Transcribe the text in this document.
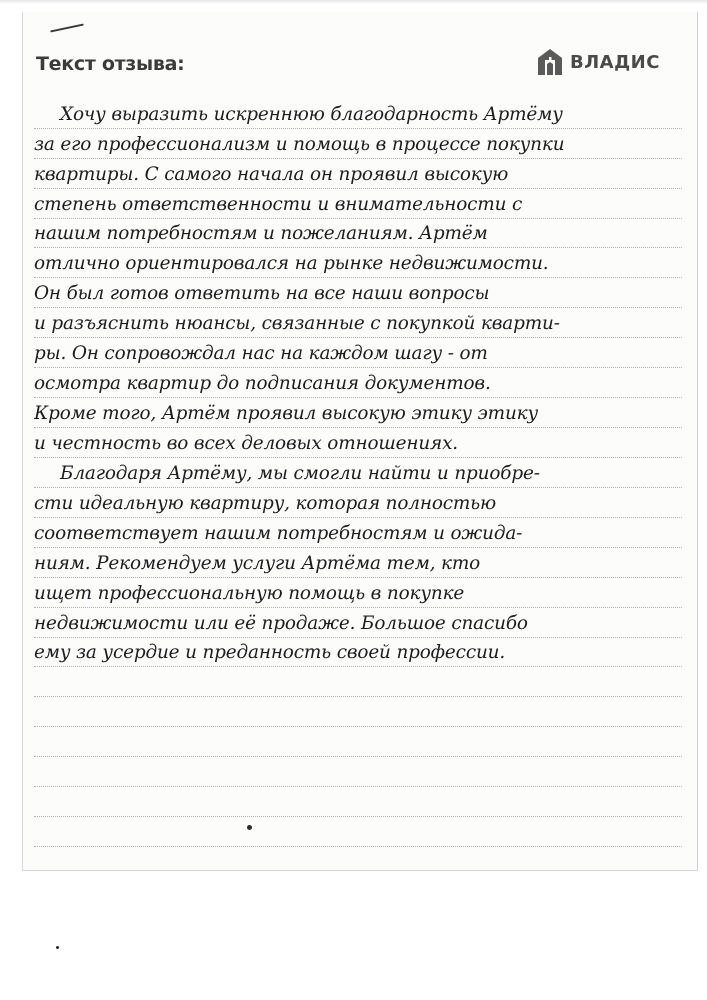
Текст отзыва:	ВЛАДИС
Хочу выразить искреннюю благодарность Артёму
за его профессионализм и помощь в процессе покупки
квартиры. С самого начала он проявил высокую
степень ответственности и внимательности с
нашим потребностям и пожеланиям. Артём
отлично ориентировался на рынке недвижимости.
Он был готов ответить на все наши вопросы
и разъяснить нюансы, связанные с покупкой кварти-
ры. Он сопровождал нас на каждом шагу - от
осмотра квартир до подписания документов.
Кроме того, Артём проявил высокую этику этику
и честность во всех деловых отношениях.
Благодаря Артёму, мы смогли найти и приобре-
сти идеальную квартиру, которая полностью
соответствует нашим потребностям и ожида-
ниям. Рекомендуем услуги Артёма тем, кто
ищет профессиональную помощь в покупке
недвижимости или её продаже. Большое спасибо
ему за усердие и преданность своей профессии.
